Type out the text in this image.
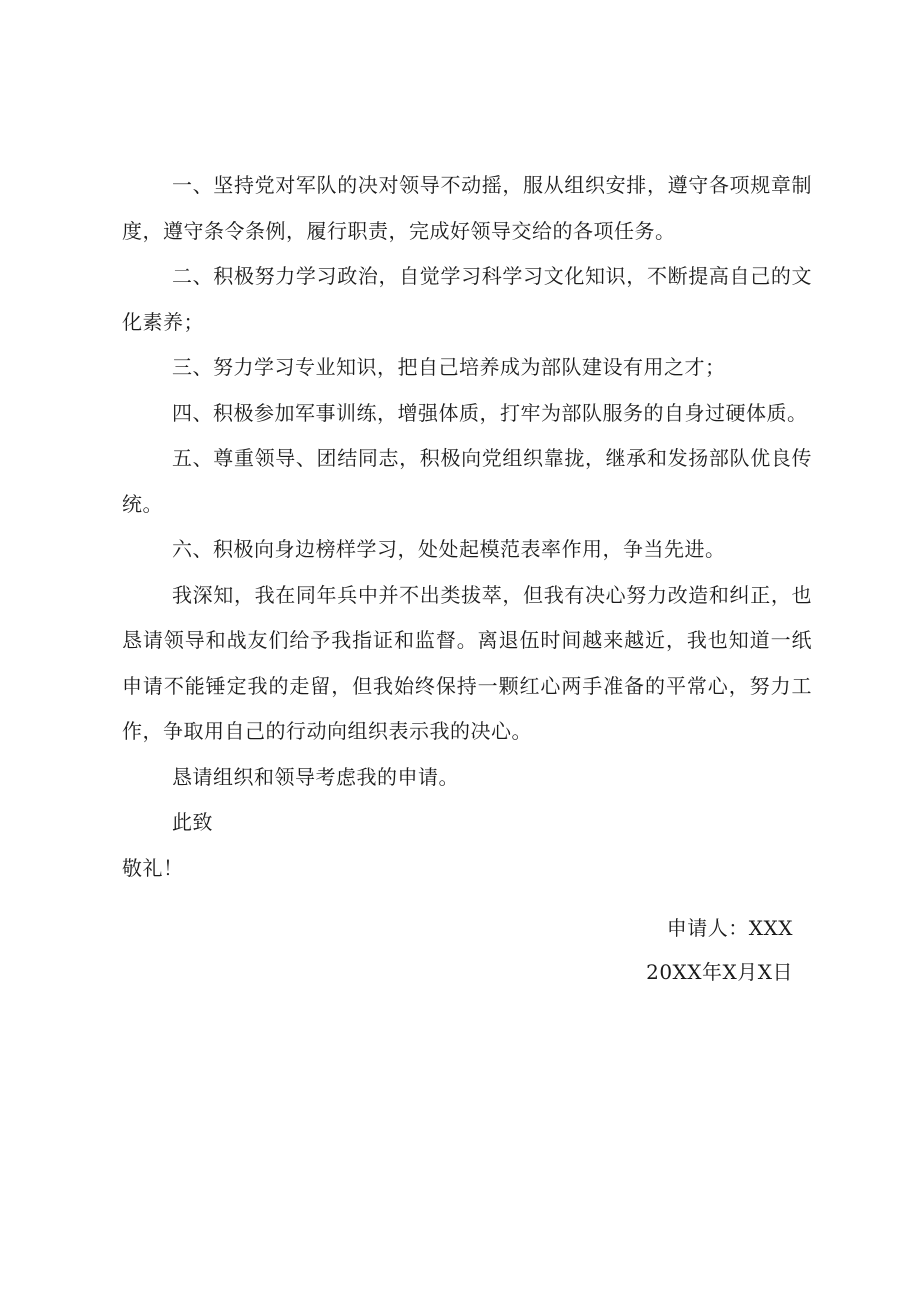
一、坚持党对军队的决对领导不动摇，服从组织安排，遵守各项规章制度，遵守条令条例，履行职责，完成好领导交给的各项任务。

二、积极努力学习政治，自觉学习科学习文化知识，不断提高自己的文化素养；

三、努力学习专业知识，把自己培养成为部队建设有用之才；

四、积极参加军事训练，增强体质，打牢为部队服务的自身过硬体质。

五、尊重领导、团结同志，积极向党组织靠拢，继承和发扬部队优良传统。

六、积极向身边榜样学习，处处起模范表率作用，争当先进。

我深知，我在同年兵中并不出类拔萃，但我有决心努力改造和纠正，也恳请领导和战友们给予我指证和监督。离退伍时间越来越近，我也知道一纸申请不能锤定我的走留，但我始终保持一颗红心两手准备的平常心，努力工作，争取用自己的行动向组织表示我的决心。

恳请组织和领导考虑我的申请。

此致

敬礼！

申请人：XXX
20XX年X月X日
